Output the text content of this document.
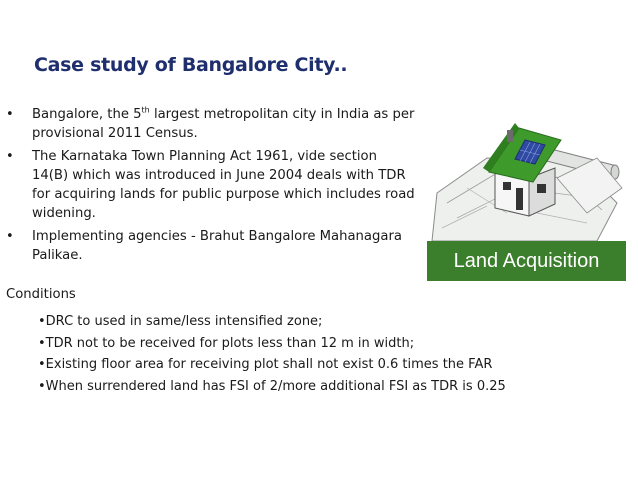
Case study of Bangalore City..
• Bangalore, the 5th largest metropolitan city in India as per provisional 2011 Census.
• The Karnataka Town Planning Act 1961, vide section 14(B) which was introduced in June 2004 deals with TDR for acquiring lands for public purpose which includes road widening.
• Implementing agencies - Brahut Bangalore Mahanagara Palikae.	Land Acquisition
Conditions
•DRC to used in same/less intensified zone;
•TDR not to be received for plots less than 12 m in width;
•Existing floor area for receiving plot shall not exist 0.6 times the FAR
•When surrendered land has FSI of 2/more additional FSI as TDR is 0.25
